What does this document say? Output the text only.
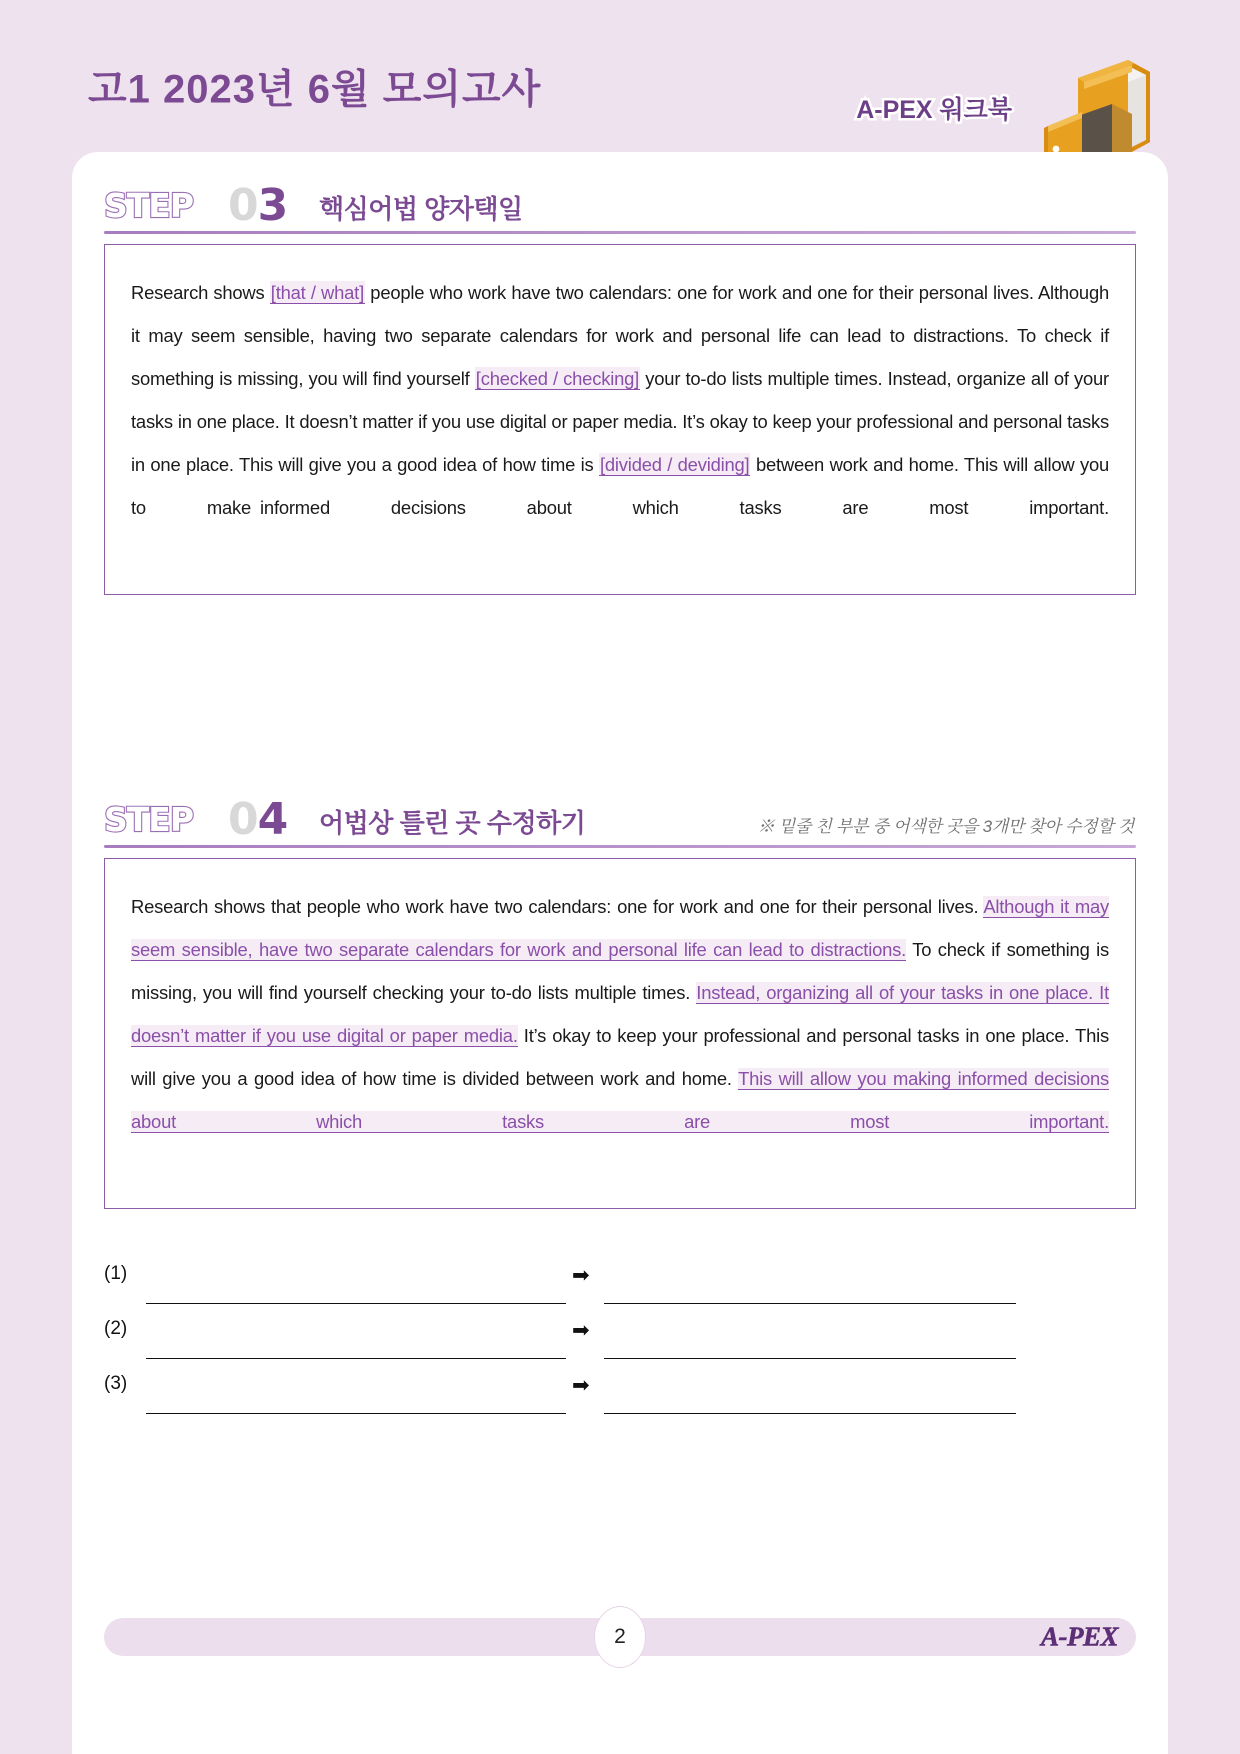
고1 2023년 6월 모의고사	A-PEX 워크북
STEP 03 핵심어법 양자택일
Research shows [that / what] people who work have two calendars: one for work and one for their personal lives. Although it may seem sensible, having two separate calendars for work and personal life can lead to distractions. To check if something is missing, you will find yourself [checked / checking] your to-do lists multiple times. Instead, organize all of your tasks in one place. It doesn’t matter if you use digital or paper media. It’s okay to keep your professional and personal tasks in one place. This will give you a good idea of how time is [divided / deviding] between work and home. This will allow you to make informed decisions about which tasks are most important.
STEP 04 어법상 틀린 곳 수정하기	※ 밑줄 친 부분 중 어색한 곳을 3개만 찾아 수정할 것
Research shows that people who work have two calendars: one for work and one for their personal lives. Although it may seem sensible, have two separate calendars for work and personal life can lead to distractions. To check if something is missing, you will find yourself checking your to-do lists multiple times. Instead, organizing all of your tasks in one place. It doesn’t matter if you use digital or paper media. It’s okay to keep your professional and personal tasks in one place. This will give you a good idea of how time is divided between work and home. This will allow you making informed decisions about which tasks are most important.
(1)	➡
(2)	➡
(3)	➡
2	A-PEX
